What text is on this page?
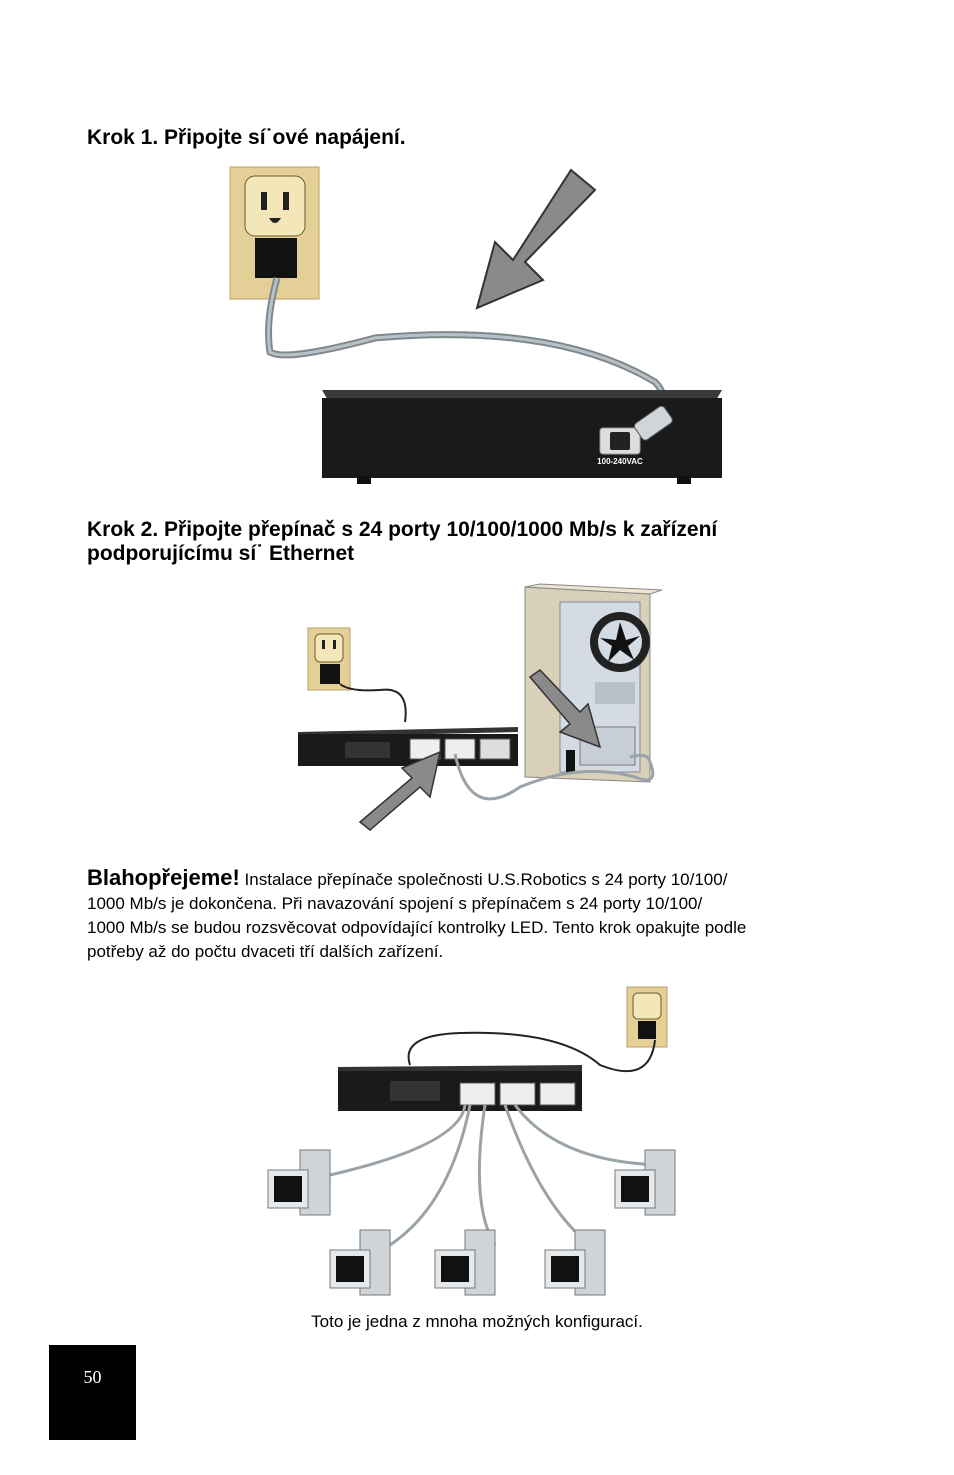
Krok 1. Připojte sí˙ové napájení.
100-240VAC
Krok 2. Připojte přepínač s 24 porty 10/100/1000 Mb/s k zařízení
podporujícímu sí˙ Ethernet

Blahopřejeme! Instalace přepínače společnosti U.S.Robotics s 24 porty 10/100/
1000 Mb/s je dokončena. Při navazování spojení s přepínačem s 24 porty 10/100/
1000 Mb/s se budou rozsvěcovat odpovídající kontrolky LED. Tento krok opakujte podle
potřeby až do počtu dvaceti tří dalších zařízení.

Toto je jedna z mnoha možných konfigurací.
50
